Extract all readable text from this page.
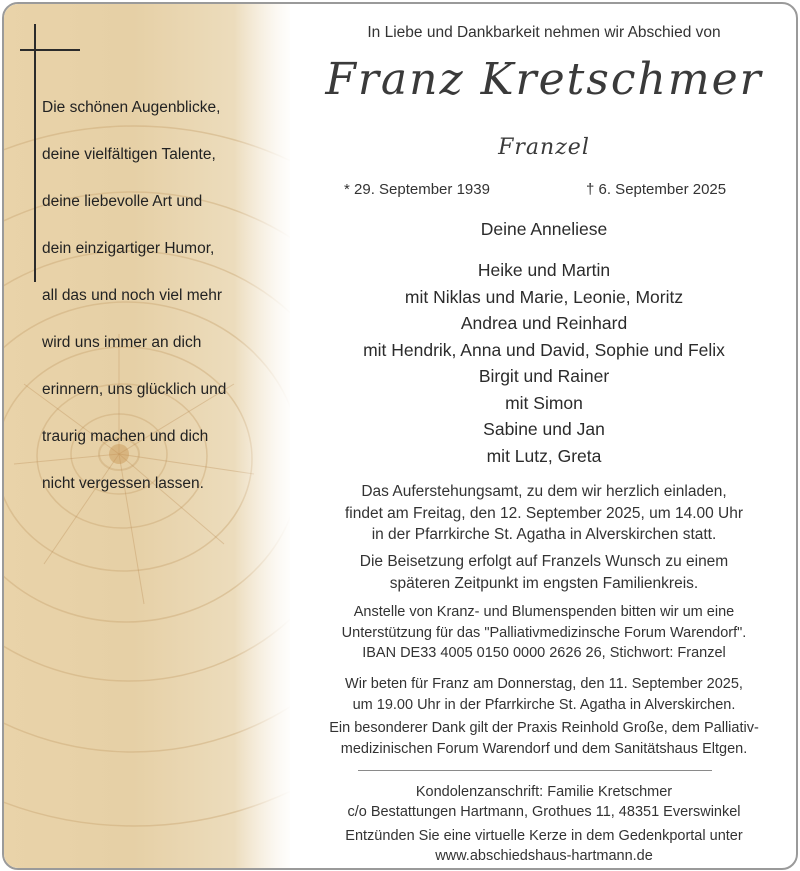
Die schönen Augenblicke,

deine vielfältigen Talente,

deine liebevolle Art und

dein einzigartiger Humor,

all das und noch viel mehr

wird uns immer an dich

erinnern, uns glücklich und

traurig machen und dich

nicht vergessen lassen.

In Liebe und Dankbarkeit nehmen wir Abschied von
Franz Kretschmer
Franzel
* 29. September 1939	† 6. September 2025
Deine Anneliese
Heike und Martin
mit Niklas und Marie, Leonie, Moritz
Andrea und Reinhard
mit Hendrik, Anna und David, Sophie und Felix
Birgit und Rainer
mit Simon
Sabine und Jan
mit Lutz, Greta
Das Auferstehungsamt, zu dem wir herzlich einladen,
findet am Freitag, den 12. September 2025, um 14.00 Uhr
in der Pfarrkirche St. Agatha in Alverskirchen statt.
Die Beisetzung erfolgt auf Franzels Wunsch zu einem
späteren Zeitpunkt im engsten Familienkreis.
Anstelle von Kranz- und Blumenspenden bitten wir um eine
Unterstützung für das "Palliativmedizinsche Forum Warendorf".
IBAN DE33 4005 0150 0000 2626 26, Stichwort: Franzel
Wir beten für Franz am Donnerstag, den 11. September 2025,
um 19.00 Uhr in der Pfarrkirche St. Agatha in Alverskirchen.
Ein besonderer Dank gilt der Praxis Reinhold Große, dem Palliativ-
medizinischen Forum Warendorf und dem Sanitätshaus Eltgen.
Kondolenzanschrift: Familie Kretschmer
c/o Bestattungen Hartmann, Grothues 11, 48351 Everswinkel
Entzünden Sie eine virtuelle Kerze in dem Gedenkportal unter
www.abschiedshaus-hartmann.de
